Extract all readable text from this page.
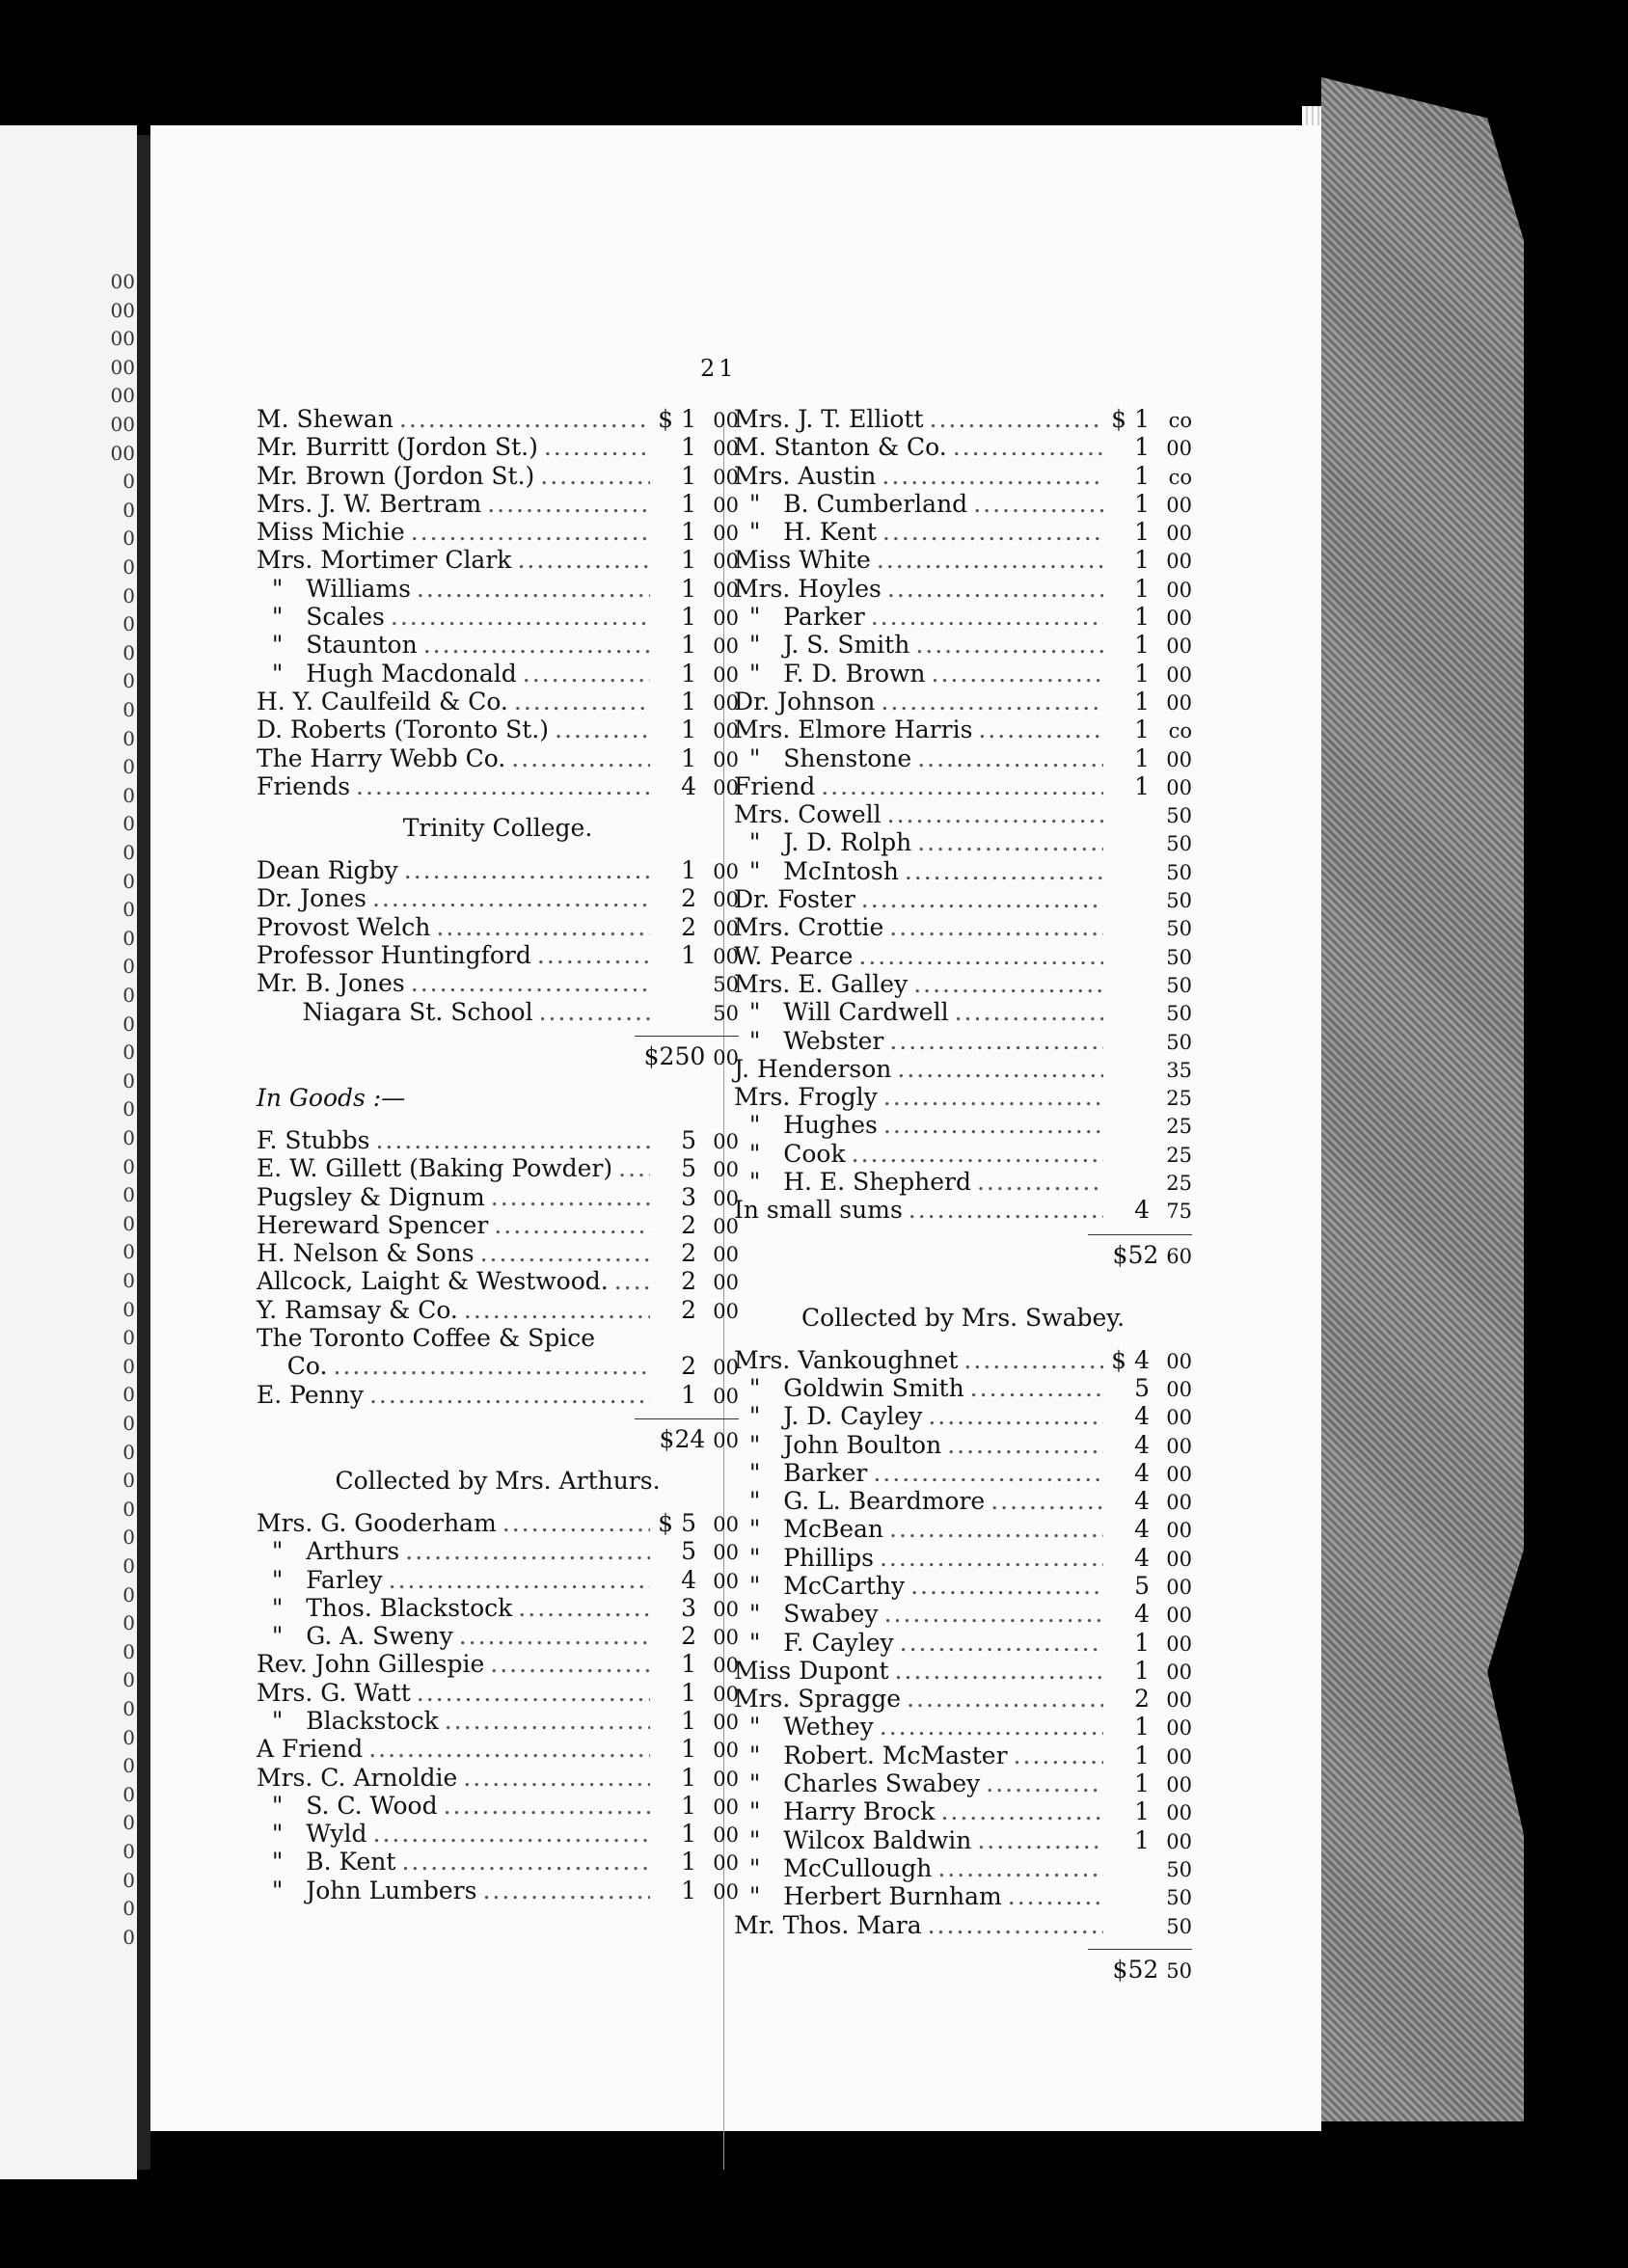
00
00
00
00
00
00
00
0
0
0
0
0
0
0
0
0
0
0
0
0
0
0
0
0
0
0
0
0
0
0
0
0
0
0
0
0
0
0
0
0
0
0
0
0
0
0
0
0
0
0
0
0
0
0
0
0
0
0
0
21
M. Shewan .....	$ 1 00
Mr. Burritt (Jordon St.) .....	1 00
Mr. Brown (Jordon St.) .....	1 00
Mrs. J. W. Bertram .....	1 00
Miss Michie .....	1 00
Mrs. Mortimer Clark .....	1 00
"   Williams .....	1 00
"   Scales .....	1 00
"   Staunton .....	1 00
"   Hugh Macdonald .....	1 00
H. Y. Caulfeild & Co. .....	1 00
D. Roberts (Toronto St.) .....	1 00
The Harry Webb Co. .....	1 00
Friends .....	4 00
Trinity College.
Dean Rigby .....	1 00
Dr. Jones .....	2 00
Provost Welch .....	2 00
Professor Huntingford .....	1 00
Mr. B. Jones .....	50
Niagara St. School .....	50
$250 00
In Goods :—
F. Stubbs .....	5 00
E. W. Gillett (Baking Powder) .....	5 00
Pugsley & Dignum .....	3 00
Hereward Spencer .....	2 00
H. Nelson & Sons .....	2 00
Allcock, Laight & Westwood. .....	2 00
Y. Ramsay & Co. .....	2 00
The Toronto Coffee & Spice
Co. .....	2 00
E. Penny .....	1 00
$24 00
Collected by Mrs. Arthurs.
Mrs. G. Gooderham .....	$ 5 00
"   Arthurs .....	5 00
"   Farley .....	4 00
"   Thos. Blackstock .....	3 00
"   G. A. Sweny .....	2 00
Rev. John Gillespie .....	1 00
Mrs. G. Watt .....	1 00
"   Blackstock .....	1 00
A Friend .....	1 00
Mrs. C. Arnoldie .....	1 00
"   S. C. Wood .....	1 00
"   Wyld .....	1 00
"   B. Kent .....	1 00
"   John Lumbers .....	1 00
Mrs. J. T. Elliott .....	$ 1 co
M. Stanton & Co. .....	1 00
Mrs. Austin .....	1 co
"   B. Cumberland .....	1 00
"   H. Kent .....	1 00
Miss White .....	1 00
Mrs. Hoyles .....	1 00
"   Parker .....	1 00
"   J. S. Smith .....	1 00
"   F. D. Brown .....	1 00
Dr. Johnson .....	1 00
Mrs. Elmore Harris .....	1 co
"   Shenstone .....	1 00
Friend .....	1 00
Mrs. Cowell .....	50
"   J. D. Rolph .....	50
"   McIntosh .....	50
Dr. Foster .....	50
Mrs. Crottie .....	50
W. Pearce .....	50
Mrs. E. Galley .....	50
"   Will Cardwell .....	50
"   Webster .....	50
J. Henderson .....	35
Mrs. Frogly .....	25
"   Hughes .....	25
"   Cook .....	25
"   H. E. Shepherd .....	25
In small sums .....	4 75
$52 60
Collected by Mrs. Swabey.
Mrs. Vankoughnet .....	$ 4 00
"   Goldwin Smith .....	5 00
"   J. D. Cayley .....	4 00
"   John Boulton .....	4 00
"   Barker .....	4 00
"   G. L. Beardmore .....	4 00
"   McBean .....	4 00
"   Phillips .....	4 00
"   McCarthy .....	5 00
"   Swabey .....	4 00
"   F. Cayley .....	1 00
Miss Dupont .....	1 00
Mrs. Spragge .....	2 00
"   Wethey .....	1 00
"   Robert. McMaster .....	1 00
"   Charles Swabey .....	1 00
"   Harry Brock .....	1 00
"   Wilcox Baldwin .....	1 00
"   McCullough .....	50
"   Herbert Burnham .....	50
Mr. Thos. Mara .....	50
$52 50
